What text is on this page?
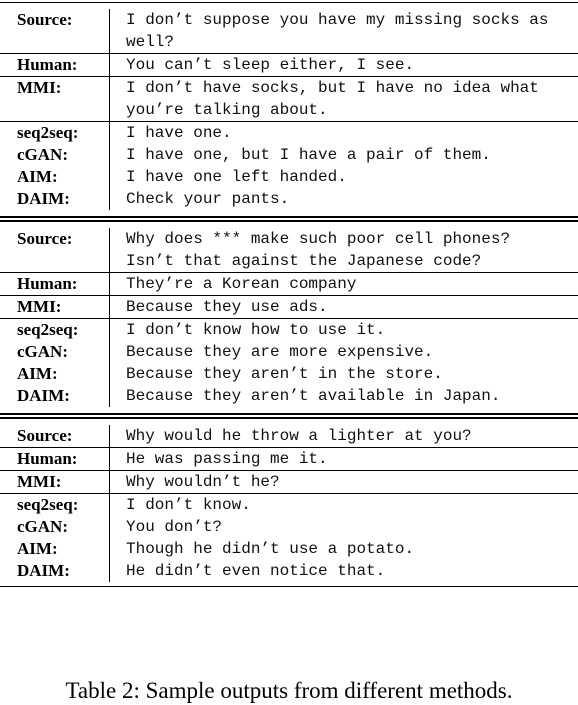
Source:	I don’t suppose you have my missing socks as well?
Human:	You can’t sleep either, I see.
MMI:	I don’t have socks, but I have no idea what you’re talking about.
seq2seq:	I have one.
cGAN:	I have one, but I have a pair of them.
AIM:	I have one left handed.
DAIM:	Check your pants.
Source:	Why does *** make such poor cell phones?  Isn’t that against the Japanese code?
Human:	They’re a Korean company
MMI:	Because they use ads.
seq2seq:	I don’t know how to use it.
cGAN:	Because they are more expensive.
AIM:	Because they aren’t in the store.
DAIM:	Because they aren’t available in Japan.
Source:	Why would he throw a lighter at you?
Human:	He was passing me it.
MMI:	Why wouldn’t he?
seq2seq:	I don’t know.
cGAN:	You don’t?
AIM:	Though he didn’t use a potato.
DAIM:	He didn’t even notice that.
Table 2: Sample outputs from different methods.
